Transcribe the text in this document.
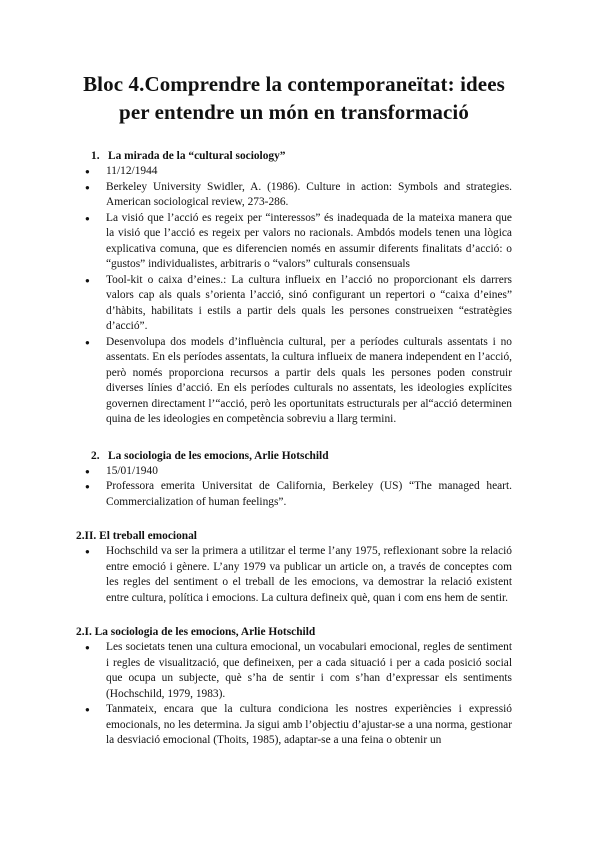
Bloc 4.Comprendre la contemporaneïtat: idees per entendre un món en transformació
1. La mirada de la “cultural sociology”
● 11/12/1944
● Berkeley University Swidler, A. (1986). Culture in action: Symbols and strategies. American sociological review, 273-286.
● La visió que l’acció es regeix per “interessos” és inadequada de la mateixa manera que la visió que l’acció es regeix per valors no racionals. Ambdós models tenen una lògica explicativa comuna, que es diferencien només en assumir diferents finalitats d’acció: o “gustos” individualistes, arbitraris o “valors” culturals consensuals
● Tool-kit o caixa d’eines.: La cultura influeix en l’acció no proporcionant els darrers valors cap als quals s’orienta l’acció, sinó configurant un repertori o “caixa d’eines” d’hàbits, habilitats i estils a partir dels quals les persones construeixen “estratègies d’acció”.
● Desenvolupa dos models d’influència cultural, per a períodes culturals assentats i no assentats. En els períodes assentats, la cultura influeix de manera independent en l’acció, però només proporciona recursos a partir dels quals les persones poden construir diverses línies d’acció. En els períodes culturals no assentats, les ideologies explícites governen directament l’“acció, però les oportunitats estructurals per al“acció determinen quina de les ideologies en competència sobreviu a llarg termini.
2. La sociologia de les emocions, Arlie Hotschild
● 15/01/1940
● Professora emerita Universitat de California, Berkeley (US) “The managed heart. Commercialization of human feelings”.

2.II. El treball emocional

● Hochschild va ser la primera a utilitzar el terme l’any 1975, reflexionant sobre la relació entre emoció i gènere. L’any 1979 va publicar un article on, a través de conceptes com les regles del sentiment o el treball de les emocions, va demostrar la relació existent entre cultura, política i emocions. La cultura defineix què, quan i com ens hem de sentir.

2.I. La sociologia de les emocions, Arlie Hotschild

● Les societats tenen una cultura emocional, un vocabulari emocional, regles de sentiment i regles de visualització, que defineixen, per a cada situació i per a cada posició social que ocupa un subjecte, què s’ha de sentir i com s’han d’expressar els sentiments (Hochschild, 1979, 1983).
● Tanmateix, encara que la cultura condiciona les nostres experiències i expressió emocionals, no les determina. Ja sigui amb l’objectiu d’ajustar-se a una norma, gestionar la desviació emocional (Thoits, 1985), adaptar-se a una feina o obtenir un
